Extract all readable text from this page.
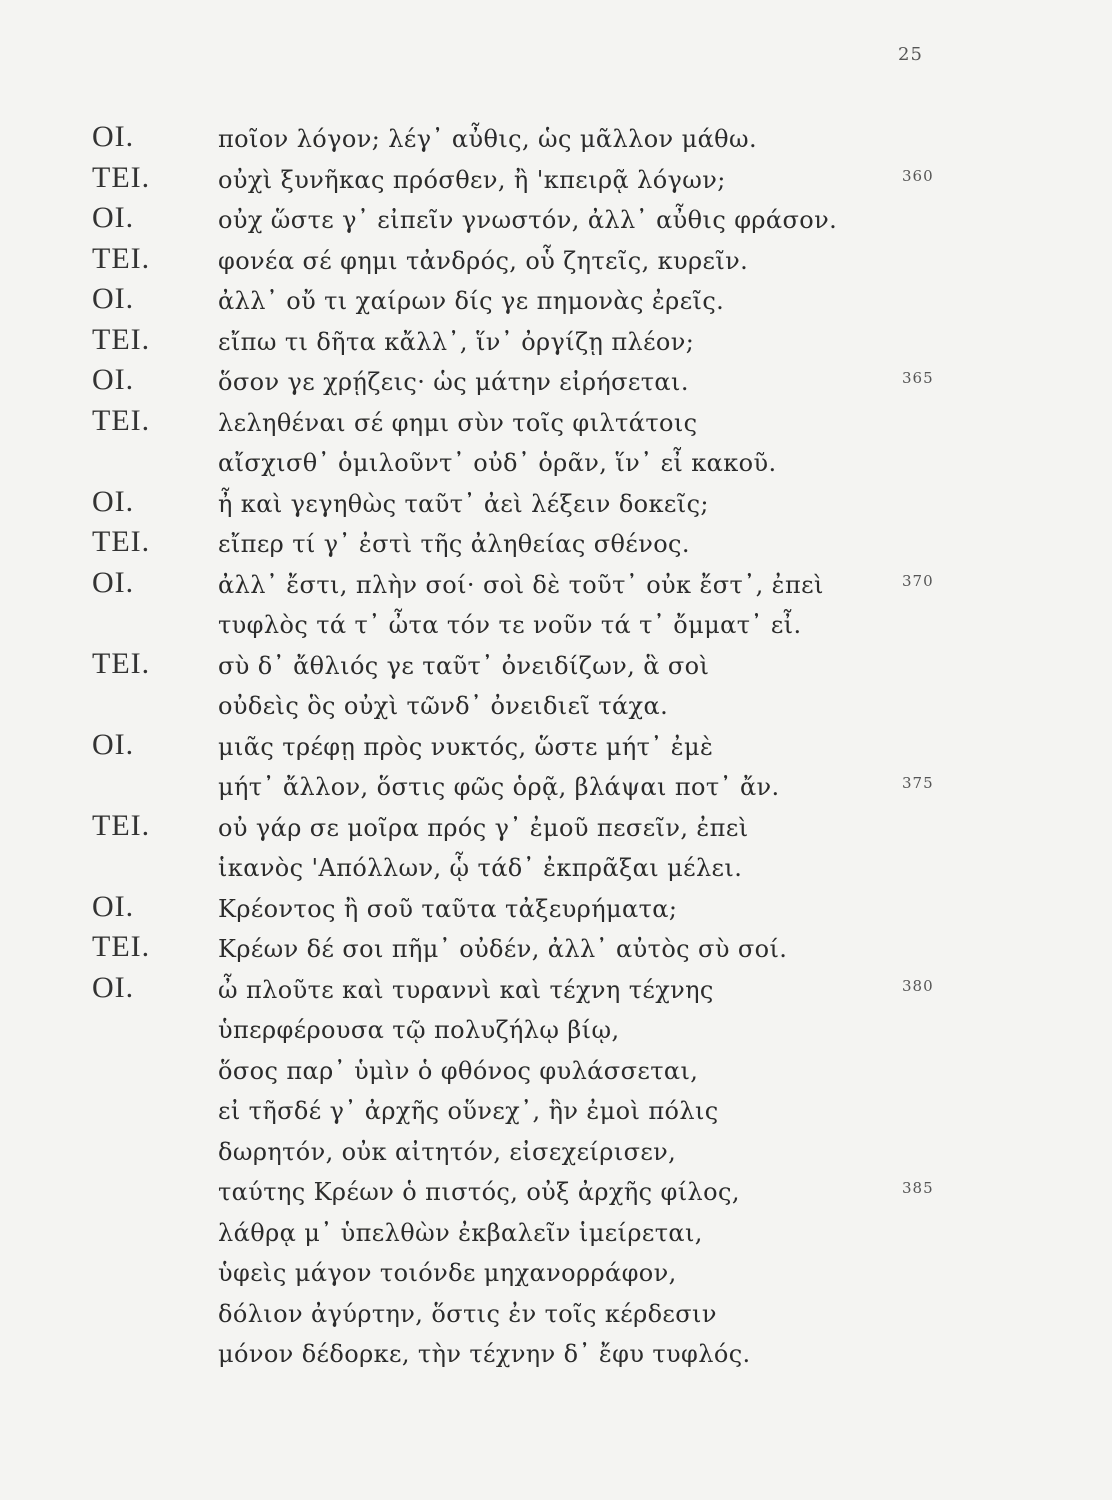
25
ΟΙ.	ποῖον λόγον; λέγ᾽ αὖθις, ὡς μᾶλλον μάθω.
ΤΕΙ.	οὐχὶ ξυνῆκας πρόσθεν, ἢ 'κπειρᾷ λόγων;	360
ΟΙ.	οὐχ ὥστε γ᾽ εἰπεῖν γνωστόν, ἀλλ᾽ αὖθις φράσον.
ΤΕΙ.	φονέα σέ φημι τἀνδρός, οὗ ζητεῖς, κυρεῖν.
ΟΙ.	ἀλλ᾽ οὔ τι χαίρων δίς γε πημονὰς ἐρεῖς.
ΤΕΙ.	εἴπω τι δῆτα κἄλλ᾽, ἵν᾽ ὀργίζῃ πλέον;
ΟΙ.	ὅσον γε χρῄζεις· ὡς μάτην εἰρήσεται.	365
ΤΕΙ.	λεληθέναι σέ φημι σὺν τοῖς φιλτάτοις
αἴσχισθ᾽ ὁμιλοῦντ᾽ οὐδ᾽ ὁρᾶν, ἵν᾽ εἶ κακοῦ.
ΟΙ.	ἦ καὶ γεγηθὼς ταῦτ᾽ ἀεὶ λέξειν δοκεῖς;
ΤΕΙ.	εἴπερ τί γ᾽ ἐστὶ τῆς ἀληθείας σθένος.
ΟΙ.	ἀλλ᾽ ἔστι, πλὴν σοί· σοὶ δὲ τοῦτ᾽ οὐκ ἔστ᾽, ἐπεὶ	370
τυφλὸς τά τ᾽ ὦτα τόν τε νοῦν τά τ᾽ ὄμματ᾽ εἶ.
ΤΕΙ.	σὺ δ᾽ ἄθλιός γε ταῦτ᾽ ὀνειδίζων, ἃ σοὶ
οὐδεὶς ὃς οὐχὶ τῶνδ᾽ ὀνειδιεῖ τάχα.
ΟΙ.	μιᾶς τρέφῃ πρὸς νυκτός, ὥστε μήτ᾽ ἐμὲ
μήτ᾽ ἄλλον, ὅστις φῶς ὁρᾷ, βλάψαι ποτ᾽ ἄν.	375
ΤΕΙ.	οὐ γάρ σε μοῖρα πρός γ᾽ ἐμοῦ πεσεῖν, ἐπεὶ
ἱκανὸς 'Απόλλων, ᾧ τάδ᾽ ἐκπρᾶξαι μέλει.
ΟΙ.	Κρέοντος ἢ σοῦ ταῦτα τἀξευρήματα;
ΤΕΙ.	Κρέων δέ σοι πῆμ᾽ οὐδέν, ἀλλ᾽ αὐτὸς σὺ σοί.
ΟΙ.	ὦ πλοῦτε καὶ τυραννὶ καὶ τέχνη τέχνης	380
ὑπερφέρουσα τῷ πολυζήλῳ βίῳ,
ὅσος παρ᾽ ὑμὶν ὁ φθόνος φυλάσσεται,
εἰ τῆσδέ γ᾽ ἀρχῆς οὕνεχ᾽, ἣν ἐμοὶ πόλις
δωρητόν, οὐκ αἰτητόν, εἰσεχείρισεν,
ταύτης Κρέων ὁ πιστός, οὐξ ἀρχῆς φίλος,	385
λάθρᾳ μ᾽ ὑπελθὼν ἐκβαλεῖν ἱμείρεται,
ὑφεὶς μάγον τοιόνδε μηχανορράφον,
δόλιον ἀγύρτην, ὅστις ἐν τοῖς κέρδεσιν
μόνον δέδορκε, τὴν τέχνην δ᾽ ἔφυ τυφλός.
